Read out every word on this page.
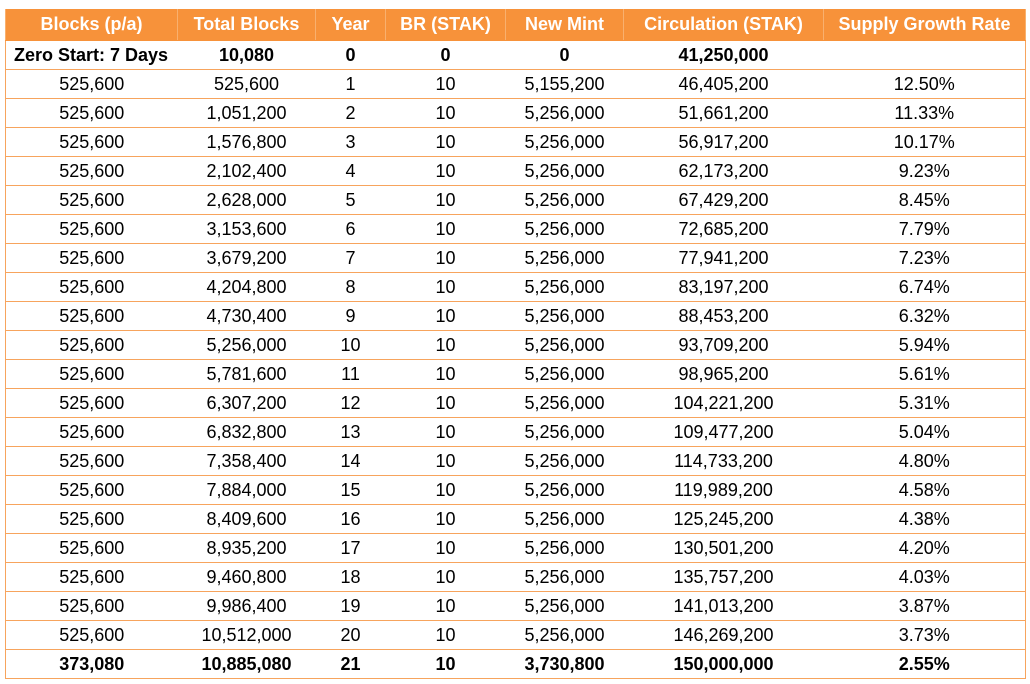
Blocks (p/a)	Total Blocks	Year	BR (STAK)	New Mint	Circulation (STAK)	Supply Growth Rate
Zero Start: 7 Days	10,080	0	0	0	41,250,000	
525,600	525,600	1	10	5,155,200	46,405,200	12.50%
525,600	1,051,200	2	10	5,256,000	51,661,200	11.33%
525,600	1,576,800	3	10	5,256,000	56,917,200	10.17%
525,600	2,102,400	4	10	5,256,000	62,173,200	9.23%
525,600	2,628,000	5	10	5,256,000	67,429,200	8.45%
525,600	3,153,600	6	10	5,256,000	72,685,200	7.79%
525,600	3,679,200	7	10	5,256,000	77,941,200	7.23%
525,600	4,204,800	8	10	5,256,000	83,197,200	6.74%
525,600	4,730,400	9	10	5,256,000	88,453,200	6.32%
525,600	5,256,000	10	10	5,256,000	93,709,200	5.94%
525,600	5,781,600	11	10	5,256,000	98,965,200	5.61%
525,600	6,307,200	12	10	5,256,000	104,221,200	5.31%
525,600	6,832,800	13	10	5,256,000	109,477,200	5.04%
525,600	7,358,400	14	10	5,256,000	114,733,200	4.80%
525,600	7,884,000	15	10	5,256,000	119,989,200	4.58%
525,600	8,409,600	16	10	5,256,000	125,245,200	4.38%
525,600	8,935,200	17	10	5,256,000	130,501,200	4.20%
525,600	9,460,800	18	10	5,256,000	135,757,200	4.03%
525,600	9,986,400	19	10	5,256,000	141,013,200	3.87%
525,600	10,512,000	20	10	5,256,000	146,269,200	3.73%
373,080	10,885,080	21	10	3,730,800	150,000,000	2.55%
